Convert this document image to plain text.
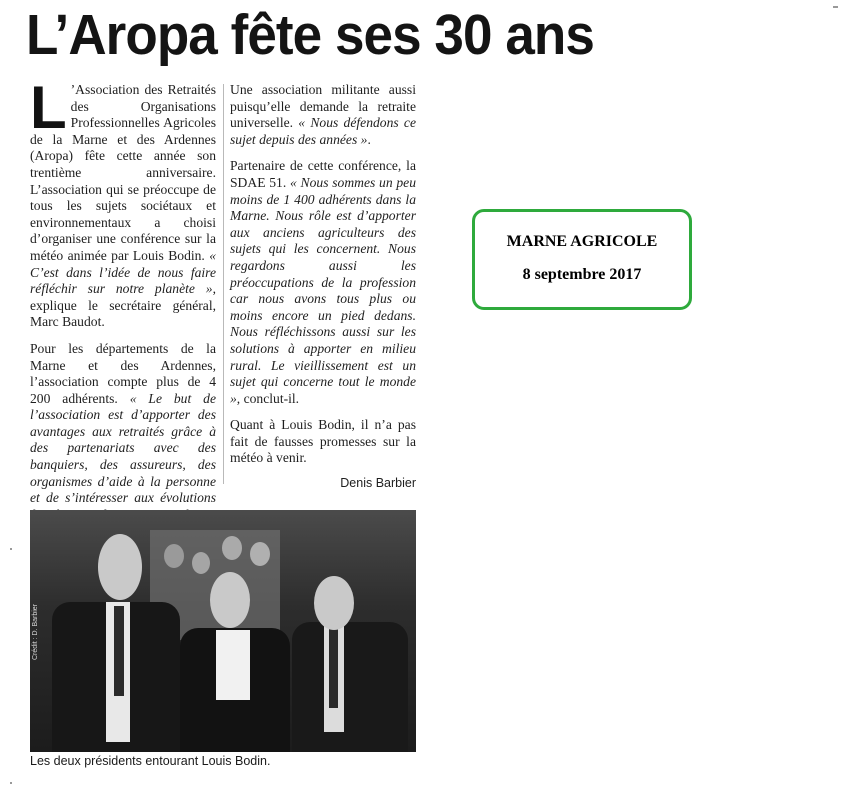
L’Aropa fête ses 30 ans

L ’Association des Retraités des Organisations Professionnelles Agricoles de la Marne et des Ardennes (Aropa) fête cette année son trentième anniversaire. L’association qui se préoccupe de tous les sujets sociétaux et environnementaux a choisi d’organiser une conférence sur la météo animée par Louis Bodin. « C’est dans l’idée de nous faire réfléchir sur notre planète », explique le secrétaire général, Marc Baudot.

Pour les départements de la Marne et des Ardennes, l’association compte plus de 4 200 adhérents. « Le but de l’association est d’apporter des avantages aux retraités grâce à des partenariats avec des banquiers, des assureurs, des organismes d’aide à la personne et de s’intéresser aux évolutions

Une association militante aussi puisqu’elle demande la retraite universelle. « Nous défendons ce sujet depuis des années ».

Partenaire de cette conférence, la SDAE 51. « Nous sommes un peu moins de 1 400 adhérents dans la Marne. Nous rôle est d’apporter aux anciens agriculteurs des sujets qui les concernent. Nous regardons aussi les préoccupations de la profession car nous avons tous plus ou moins encore un pied dedans. Nous réfléchissons aussi sur les solutions à apporter en milieu rural. Le vieillissement est un sujet qui concerne tout le monde », conclut-il.

Quant à Louis Bodin, il n’a pas fait de fausses promesses sur la météo à venir.

Denis Barbier
Crédit : D. Barbier
Les deux présidents entourant Louis Bodin.
MARNE AGRICOLE
8 septembre 2017
